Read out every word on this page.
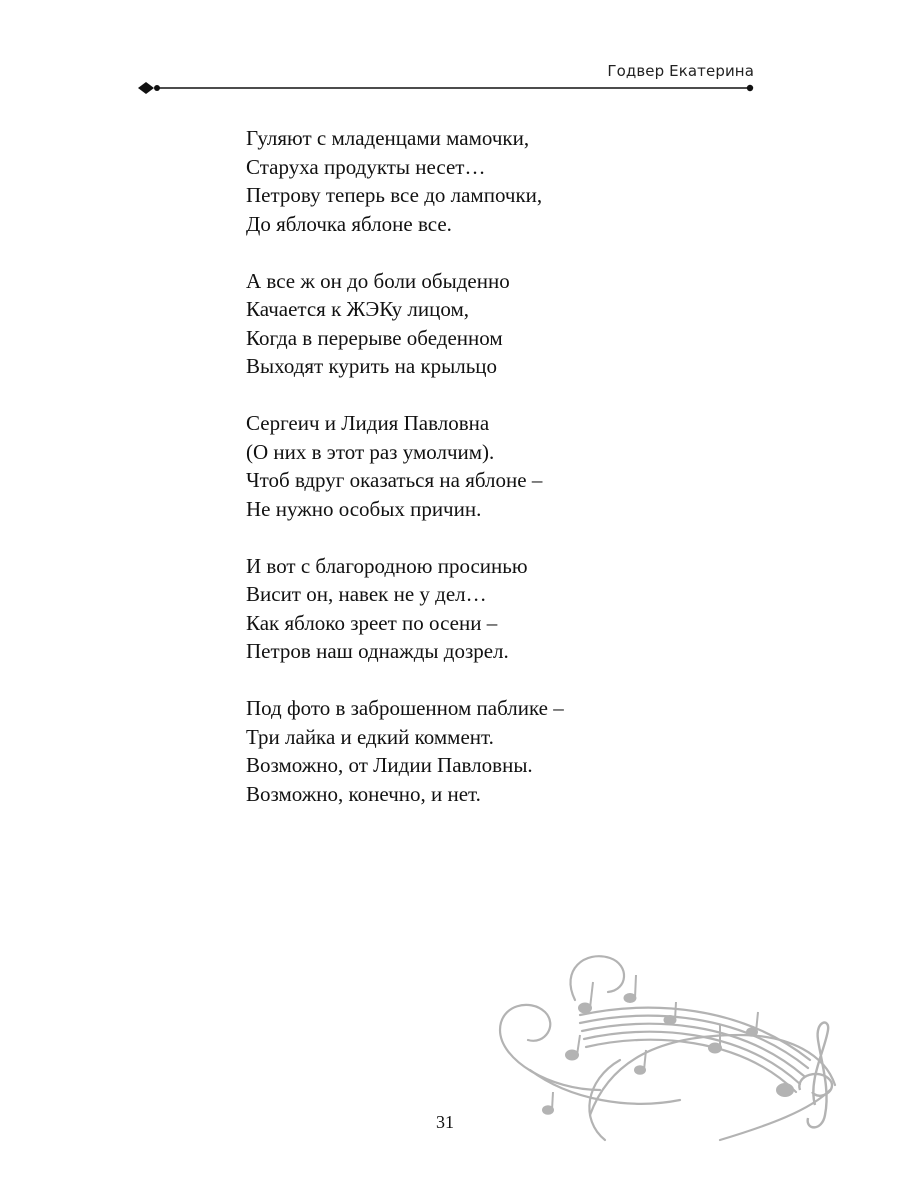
Годвер Екатерина
Гуляют с младенцами мамочки,
Старуха продукты несет…
Петрову теперь все до лампочки,
До яблочка яблоне все.
А все ж он до боли обыденно
Качается к ЖЭКу лицом,
Когда в перерыве обеденном
Выходят курить на крыльцо
Сергеич и Лидия Павловна
(О них в этот раз умолчим).
Чтоб вдруг оказаться на яблоне –
Не нужно особых причин.
И вот с благородною просинью
Висит он, навек не у дел…
Как яблоко зреет по осени –
Петров наш однажды дозрел.
Под фото в заброшенном паблике –
Три лайка и едкий коммент.
Возможно, от Лидии Павловны.
Возможно, конечно, и нет.
31
